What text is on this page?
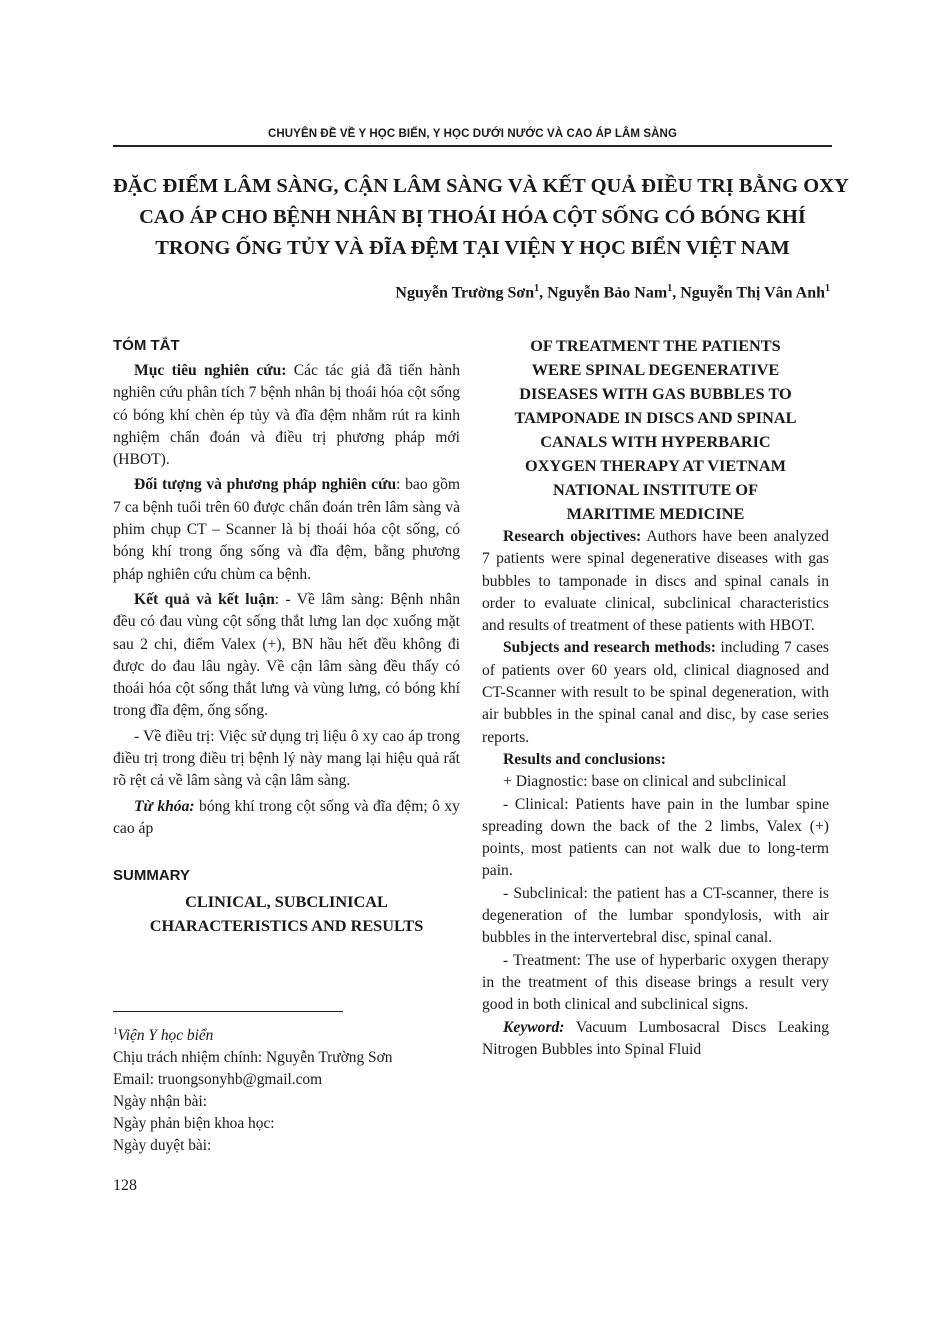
CHUYÊN ĐỀ VỀ Y HỌC BIỂN, Y HỌC DƯỚI NƯỚC VÀ CAO ÁP LÂM SÀNG
ĐẶC ĐIỂM LÂM SÀNG, CẬN LÂM SÀNG VÀ KẾT QUẢ ĐIỀU TRỊ BẰNG OXY
CAO ÁP CHO BỆNH NHÂN BỊ THOÁI HÓA CỘT SỐNG CÓ BÓNG KHÍ
TRONG ỐNG TỦY VÀ ĐĨA ĐỆM TẠI VIỆN Y HỌC BIỂN VIỆT NAM
Nguyễn Trường Sơn$^1$, Nguyễn Bảo Nam$^1$, Nguyễn Thị Vân Anh$^1$
TÓM TẮT

Mục tiêu nghiên cứu: Các tác giả đã tiến hành nghiên cứu phân tích 7 bệnh nhân bị thoái hóa cột sống có bóng khí chèn ép tủy và đĩa đệm nhằm rút ra kinh nghiệm chẩn đoán và điều trị phương pháp mới (HBOT).

Đối tượng và phương pháp nghiên cứu: bao gồm 7 ca bệnh tuổi trên 60 được chẩn đoán trên lâm sàng và phim chụp CT – Scanner là bị thoái hóa cột sống, có bóng khí trong ống sống và đĩa đệm, bằng phương pháp nghiên cứu chùm ca bệnh.

Kết quả và kết luận: - Về lâm sàng: Bệnh nhân đều có đau vùng cột sống thắt lưng lan dọc xuống mặt sau 2 chi, điểm Valex (+), BN hầu hết đều không đi được do đau lâu ngày. Về cận lâm sàng đều thấy có thoái hóa cột sống thắt lưng và vùng lưng, có bóng khí trong đĩa đệm, ống sống.

- Về điều trị: Việc sử dụng trị liệu ô xy cao áp trong điều trị trong điều trị bệnh lý này mang lại hiệu quả rất rõ rệt cả về lâm sàng và cận lâm sàng.

Từ khóa: bóng khí trong cột sống và đĩa đệm; ô xy cao áp

SUMMARY
CLINICAL, SUBCLINICAL
CHARACTERISTICS AND RESULTS
OF TREATMENT THE PATIENTS
WERE SPINAL DEGENERATIVE
DISEASES WITH GAS BUBBLES TO
TAMPONADE IN DISCS AND SPINAL
CANALS WITH HYPERBARIC
OXYGEN THERAPY AT VIETNAM
NATIONAL INSTITUTE OF
MARITIME MEDICINE

Research objectives: Authors have been analyzed 7 patients were spinal degenerative diseases with gas bubbles to tamponade in discs and spinal canals in order to evaluate clinical, subclinical characteristics and results of treatment of these patients with HBOT.

Subjects and research methods: including 7 cases of patients over 60 years old, clinical diagnosed and CT-Scanner with result to be spinal degeneration, with air bubbles in the spinal canal and disc, by case series reports.

Results and conclusions:

+ Diagnostic: base on clinical and subclinical

- Clinical: Patients have pain in the lumbar spine spreading down the back of the 2 limbs, Valex (+) points, most patients can not walk due to long-term pain.

- Subclinical: the patient has a CT-scanner, there is degeneration of the lumbar spondylosis, with air bubbles in the intervertebral disc, spinal canal.

- Treatment: The use of hyperbaric oxygen therapy in the treatment of this disease brings a result very good in both clinical and subclinical signs.

Keyword: Vacuum Lumbosacral Discs Leaking Nitrogen Bubbles into Spinal Fluid

$^1$Viện Y học biển
Chịu trách nhiệm chính: Nguyễn Trường Sơn
Email: truongsonyhb@gmail.com
Ngày nhận bài:
Ngày phản biện khoa học:
Ngày duyệt bài:
128
